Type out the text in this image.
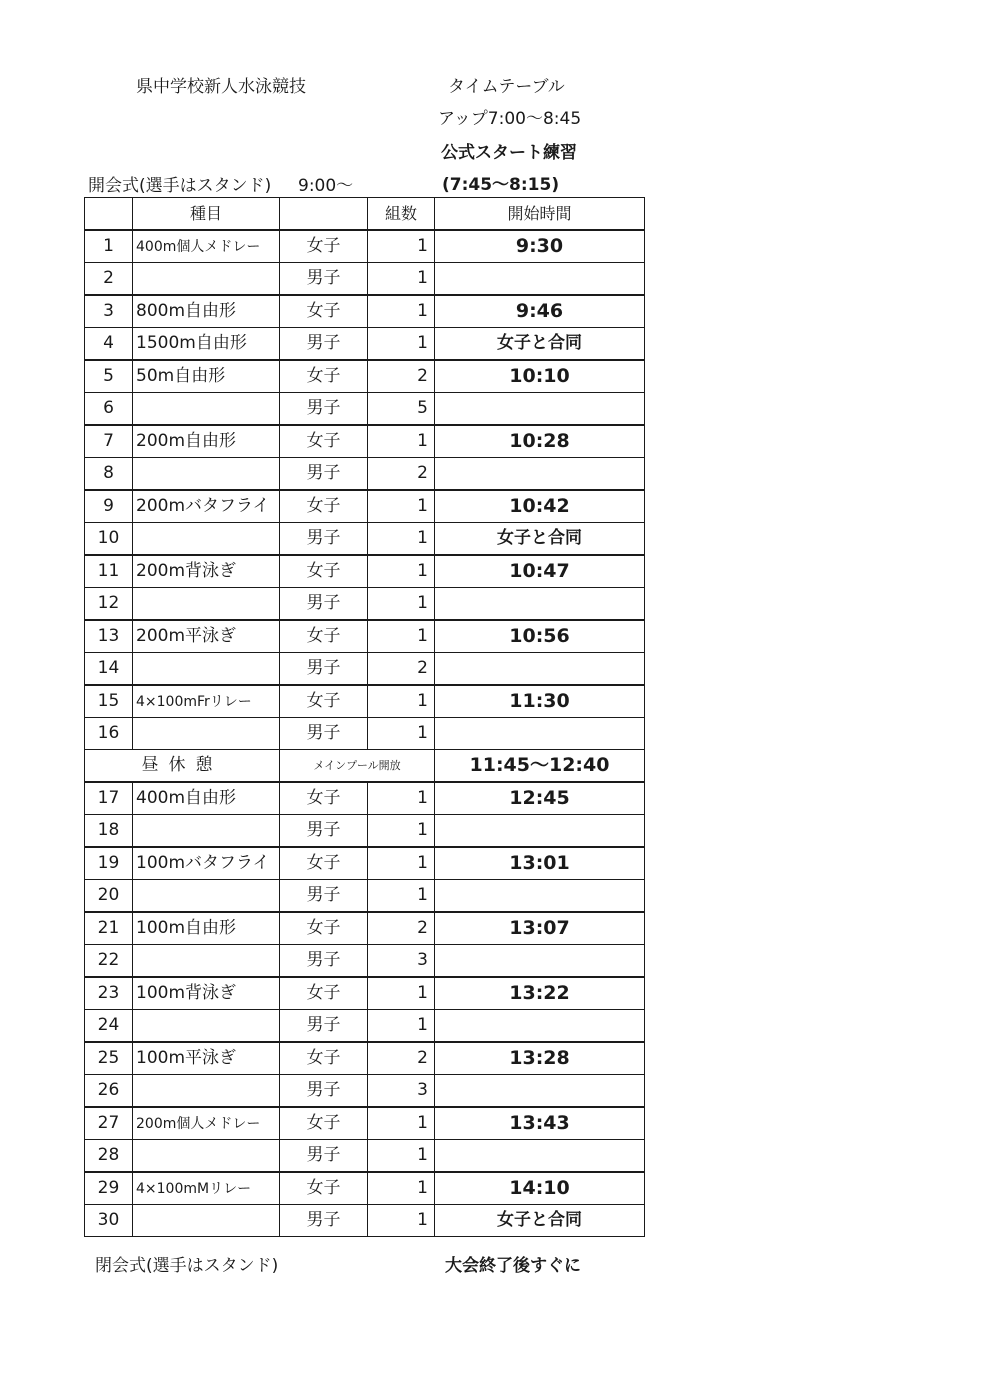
県中学校新人水泳競技	タイムテーブル
アップ7:00〜8:45
公式スタート練習
開会式(選手はスタンド) 9:00〜	(7:45〜8:15)
	種目		組数	開始時間
1	400m個人メドレー	女子	1	9:30
2		男子	1	
3	800m自由形	女子	1	9:46
4	1500m自由形	男子	1	女子と合同
5	50m自由形	女子	2	10:10
6		男子	5	
7	200m自由形	女子	1	10:28
8		男子	2	
9	200mバタフライ	女子	1	10:42
10		男子	1	女子と合同
11	200m背泳ぎ	女子	1	10:47
12		男子	1	
13	200m平泳ぎ	女子	1	10:56
14		男子	2	
15	4×100mFrリレー	女子	1	11:30
16		男子	1	
昼休憩		メインプール開放		11:45〜12:40
17	400m自由形	女子	1	12:45
18		男子	1	
19	100mバタフライ	女子	1	13:01
20		男子	1	
21	100m自由形	女子	2	13:07
22		男子	3	
23	100m背泳ぎ	女子	1	13:22
24		男子	1	
25	100m平泳ぎ	女子	2	13:28
26		男子	3	
27	200m個人メドレー	女子	1	13:43
28		男子	1	
29	4×100mMリレー	女子	1	14:10
30		男子	1	女子と合同
閉会式(選手はスタンド)	大会終了後すぐに
